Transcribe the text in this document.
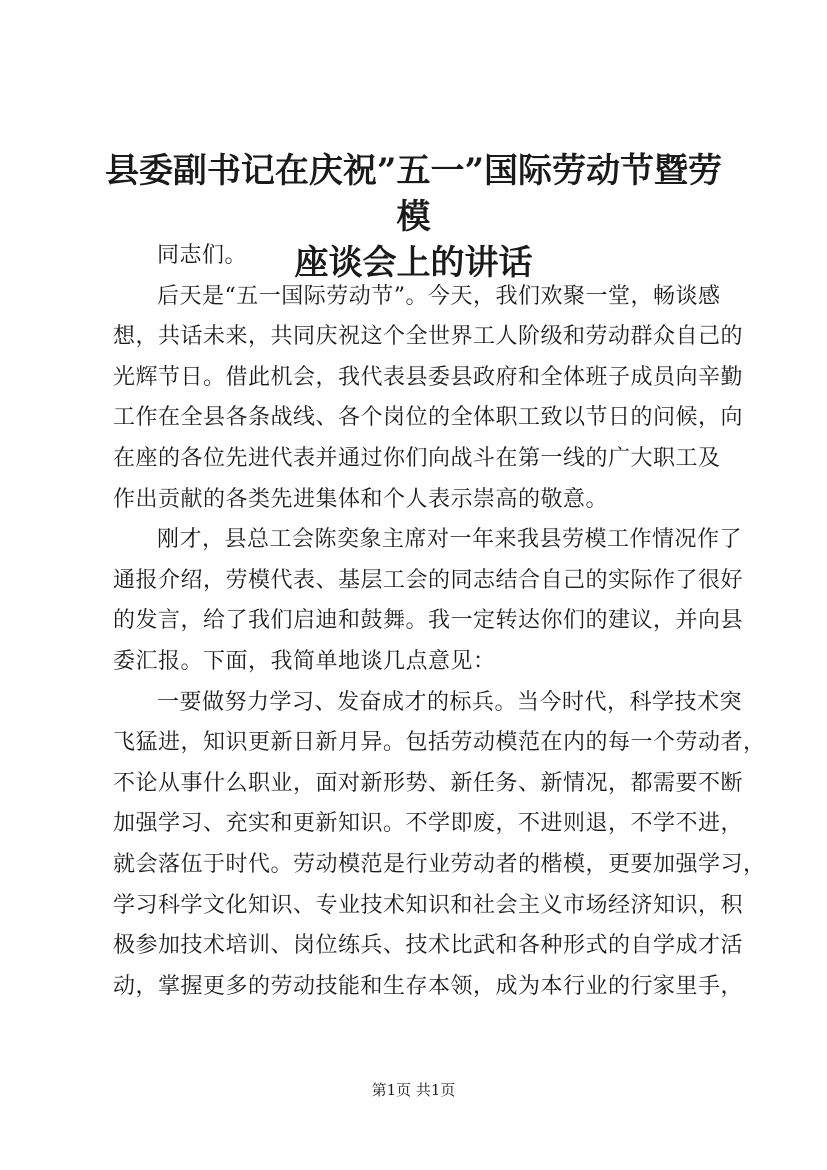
县委副书记在庆祝”五一”国际劳动节暨劳模
座谈会上的讲话
同志们。
后天是“五一国际劳动节”。今天，我们欢聚一堂，畅谈感
想，共话未来，共同庆祝这个全世界工人阶级和劳动群众自己的
光辉节日。借此机会，我代表县委县政府和全体班子成员向辛勤
工作在全县各条战线、各个岗位的全体职工致以节日的问候，向
在座的各位先进代表并通过你们向战斗在第一线的广大职工及
作出贡献的各类先进集体和个人表示崇高的敬意。
刚才，县总工会陈奕象主席对一年来我县劳模工作情况作了
通报介绍，劳模代表、基层工会的同志结合自己的实际作了很好
的发言，给了我们启迪和鼓舞。我一定转达你们的建议，并向县
委汇报。下面，我简单地谈几点意见：
一要做努力学习、发奋成才的标兵。当今时代，科学技术突
飞猛进，知识更新日新月异。包括劳动模范在内的每一个劳动者，
不论从事什么职业，面对新形势、新任务、新情况，都需要不断
加强学习、充实和更新知识。不学即废，不进则退，不学不进，
就会落伍于时代。劳动模范是行业劳动者的楷模，更要加强学习，
学习科学文化知识、专业技术知识和社会主义市场经济知识，积
极参加技术培训、岗位练兵、技术比武和各种形式的自学成才活
动，掌握更多的劳动技能和生存本领，成为本行业的行家里手，
第1页 共1页
